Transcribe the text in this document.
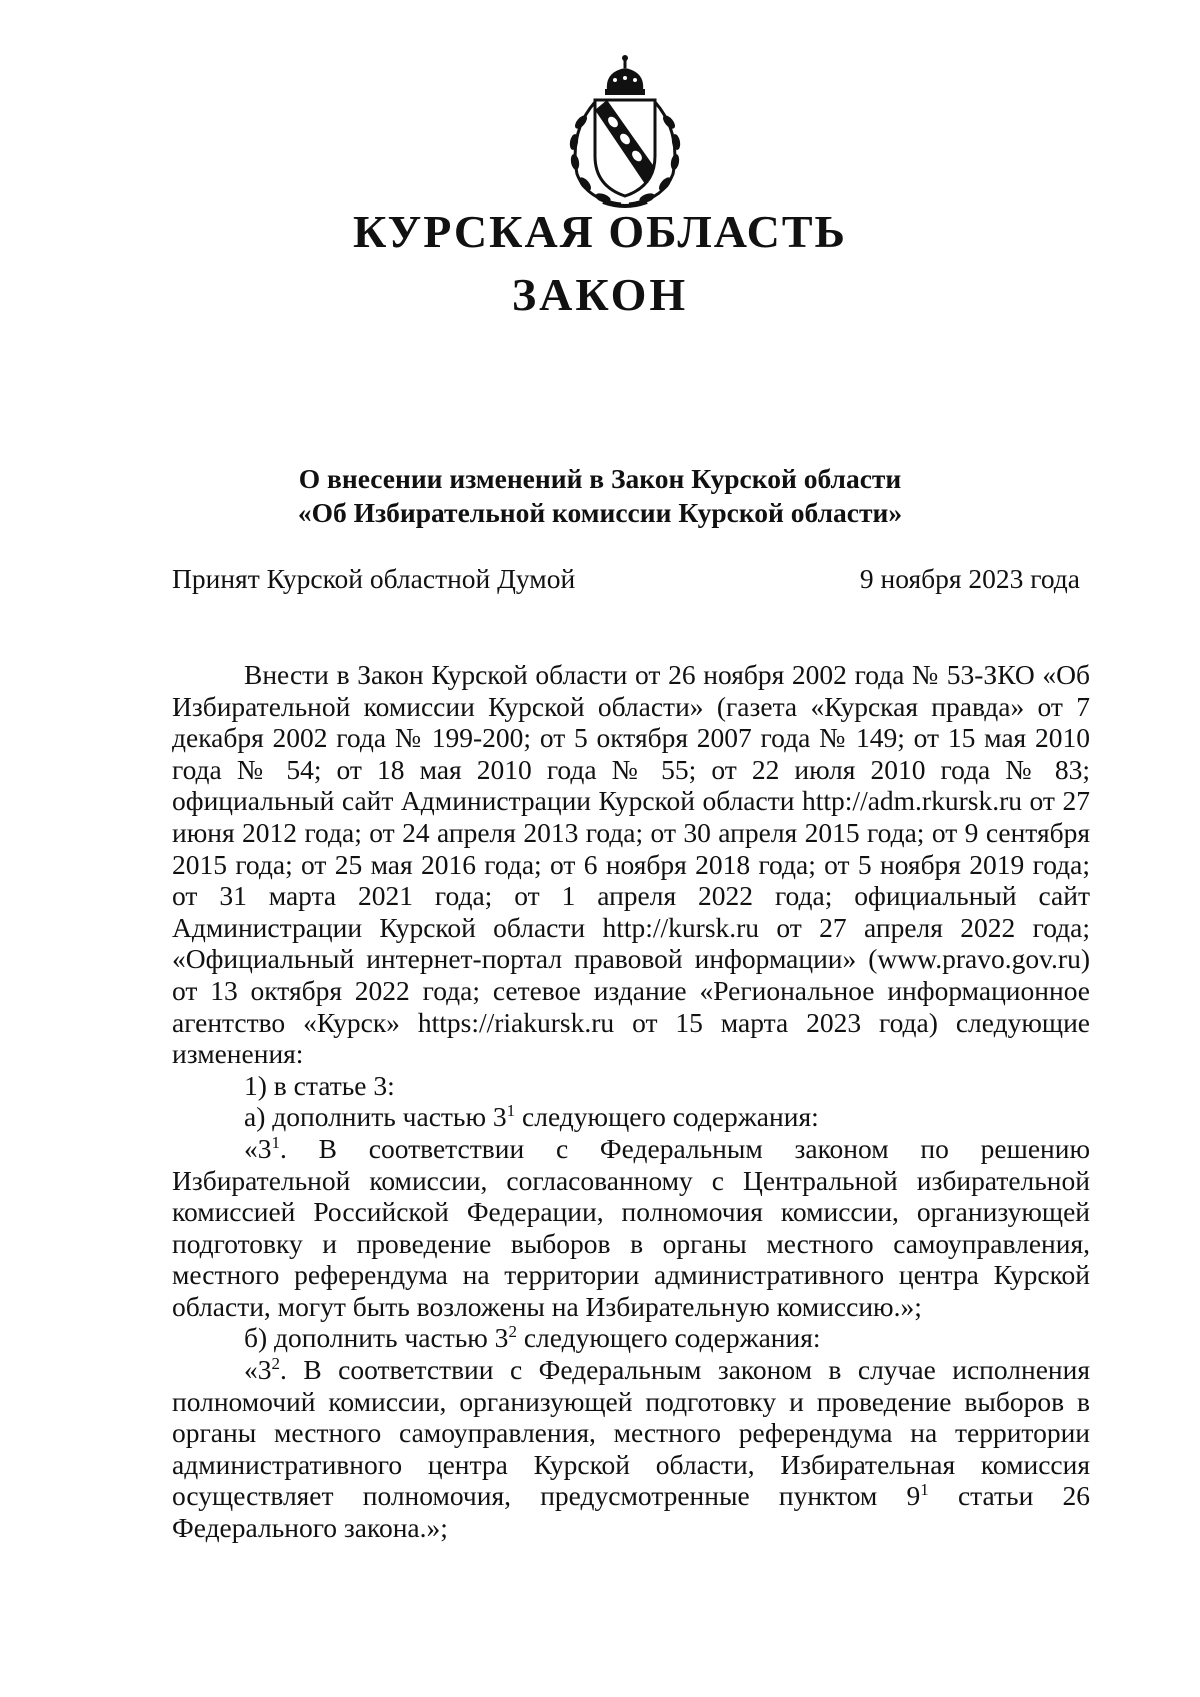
КУРСКАЯ ОБЛАСТЬ
ЗАКОН
О внесении изменений в Закон Курской области
«Об Избирательной комиссии Курской области»
Принят Курской областной Думой	9 ноября 2023 года

Внести в Закон Курской области от 26 ноября 2002 года № 53-ЗКО «Об Избирательной комиссии Курской области» (газета «Курская правда» от 7 декабря 2002 года № 199-200; от 5 октября 2007 года № 149; от 15 мая 2010 года № 54; от 18 мая 2010 года № 55; от 22 июля 2010 года № 83; официальный сайт Администрации Курской области http://adm.rkursk.ru от 27 июня 2012 года; от 24 апреля 2013 года; от 30 апреля 2015 года; от 9 сентября 2015 года; от 25 мая 2016 года; от 6 ноября 2018 года; от 5 ноября 2019 года; от 31 марта 2021 года; от 1 апреля 2022 года; официальный сайт Администрации Курской области http://kursk.ru от 27 апреля 2022 года; «Официальный интернет-портал правовой информации» (www.pravo.gov.ru) от 13 октября 2022 года; сетевое издание «Региональное информационное агентство «Курск» https://riakursk.ru от 15 марта 2023 года) следующие изменения:

1) в статье 3:

а) дополнить частью $3^1$ следующего содержания:

«$3^1$. В соответствии с Федеральным законом по решению Избирательной комиссии, согласованному с Центральной избирательной комиссией Российской Федерации, полномочия комиссии, организующей подготовку и проведение выборов в органы местного самоуправления, местного референдума на территории административного центра Курской области, могут быть возложены на Избирательную комиссию.»;

б) дополнить частью $3^2$ следующего содержания:

«$3^2$. В соответствии с Федеральным законом в случае исполнения полномочий комиссии, организующей подготовку и проведение выборов в органы местного самоуправления, местного референдума на территории административного центра Курской области, Избирательная комиссия осуществляет полномочия, предусмотренные пунктом $9^1$ статьи 26 Федерального закона.»;
